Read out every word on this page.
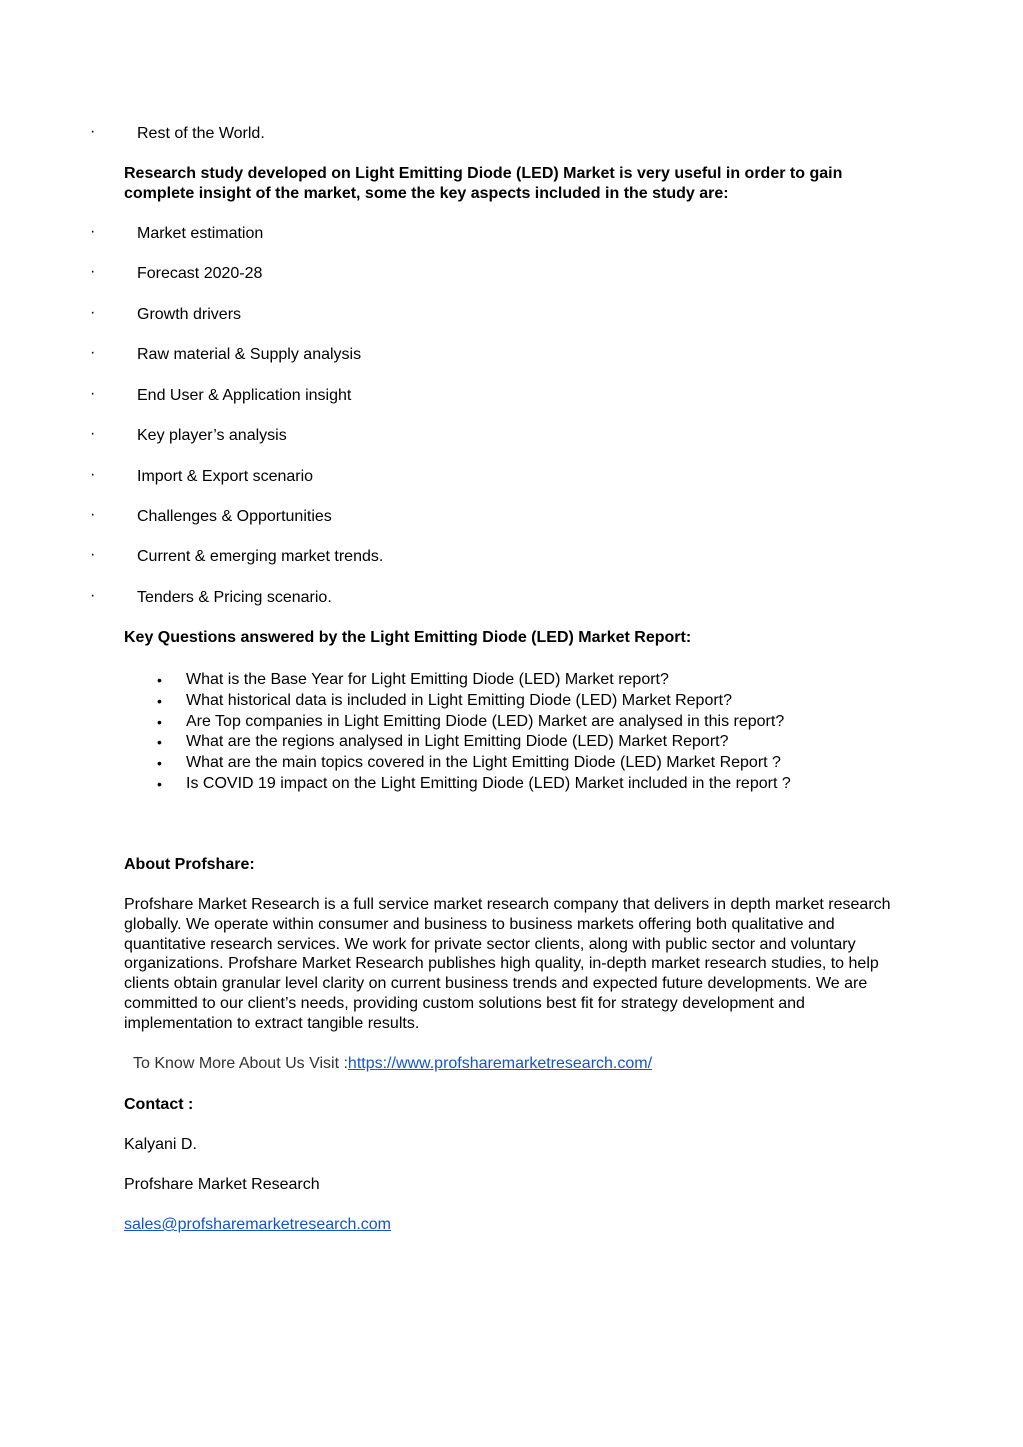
·	Rest of the World.
Research study developed on Light Emitting Diode (LED) Market is very useful in order to gain complete insight of the market, some the key aspects included in the study are:
·	Market estimation
·	Forecast 2020-28
·	Growth drivers
·	Raw material & Supply analysis
·	End User & Application insight
·	Key player’s analysis
·	Import & Export scenario
·	Challenges & Opportunities
·	Current & emerging market trends.
·	Tenders & Pricing scenario.
Key Questions answered by the Light Emitting Diode (LED) Market Report:
• What is the Base Year for Light Emitting Diode (LED) Market report?
• What historical data is included in Light Emitting Diode (LED) Market Report?
• Are Top companies in Light Emitting Diode (LED) Market are analysed in this report?
• What are the regions analysed in Light Emitting Diode (LED) Market Report?
• What are the main topics covered in the Light Emitting Diode (LED) Market Report ?
• Is COVID 19 impact on the Light Emitting Diode (LED) Market included in the report ?
About Profshare:
Profshare Market Research is a full service market research company that delivers in depth market research globally. We operate within consumer and business to business markets offering both qualitative and quantitative research services. We work for private sector clients, along with public sector and voluntary organizations. Profshare Market Research publishes high quality, in-depth market research studies, to help clients obtain granular level clarity on current business trends and expected future developments. We are committed to our client’s needs, providing custom solutions best fit for strategy development and implementation to extract tangible results.
To Know More About Us Visit :https://www.profsharemarketresearch.com/
Contact :
Kalyani D.
Profshare Market Research
sales@profsharemarketresearch.com
